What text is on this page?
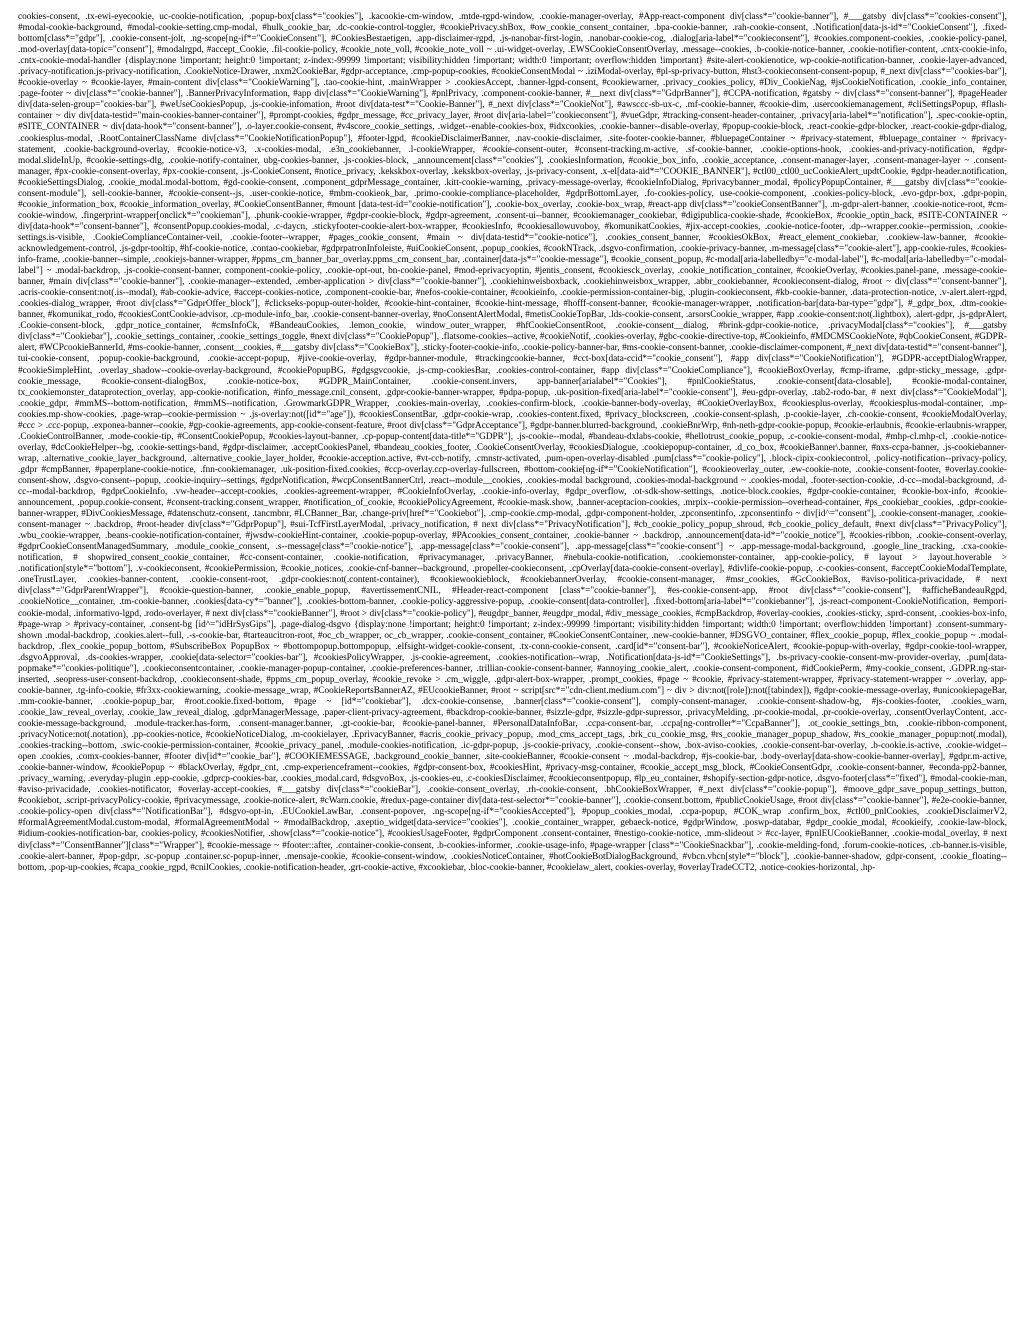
cookies-consent, .tx-ewi-eyecookie, uc-cookie-notification, .popup-box[class*="cookies"], .kacookie-cm-window, .mtde-rgpd-window, .cookie-manager-overlay, #App-react-component div[class*="cookie-banner"], #___gatsby div[class*="cookies-consent"], #modal-cookie-background, #modal-cookie-setting.cmp-modal, #hulk_cookie_bar, .dc-cookie-control-toggler, #cookiePrivacy.shBox, #ow_cookie_consent_container, .bpa-cookie-banner, .rah-cookie-consent, .Notification[data-js-id*="CookieConsent"], .fixed-bottom[class*="gdpr"], .cookie-consent-jolt, .ng-scope[ng-if*="CookieConsent"], #CookiesBestaetigen, .app-disclaimer-rgpd, .js-nanobar-first-login, .nanobar-cookie-cog, .dialog[aria-label*="cookieconsent"], #cookies.component-cookies, .cookie-policy-panel, .mod-overlay[data-topic="consent"], #modalrgpd, #accept_Cookie, .fil-cookie-policy, #cookie_note_voll, #cookie_note_voll ~ .ui-widget-overlay, .EWSCookieConsentOverlay, .message--cookies, .b-cookie-notice-banner, .cookie-notifier-content, .cntx-cookie-info, .cntx-cookie-modal-handler {display:none !important; height:0 !important; z-index:-99999 !important; visibility:hidden !important; width:0 !important; overflow:hidden !important} #site-alert-cookienotice, wp-cookie-notification-banner, .cookie-layer-advanced, .privacy-notification.js-privacy-notification, .CookieNotice-Drawer, .nxm2CookieBar, #gdpr-acceptance, .cmp-popup-cookies, #cookieConsentModal ~ .iziModal-overlay, #pl-sp-privacy-button, #hst3-cookieconsent-consent-popup, #_next div[class*="cookies-bar"], #cookie-overlay ~ #cookie-layer, #main-content div[class*="CookieWarning"], .tao-cookie-hint, .mainWrapper > .cookiesAccept, .banner-lgpd-consent, #cookiewarner, .privacy_cookies_policy, #Div_CookieNag, #jsCookieNotification, .cookie_info_container, .page-footer ~ div[class*="cookie-banner"], .BannerPrivacyInformation, #app div[class*="CookieWarning"], #pnlPrivacy, .component-cookie-banner, #__next div[class*="GdprBanner"], #CCPA-notification, #gatsby ~ div[class*="consent-banner"], #pageHeader div[data-selen-group="cookies-bar"], #weUseCookiesPopup, .js-cookie-infomation, #root div[data-test*="Cookie-Banner"], #_next div[class*="CookieNot"], #awsccc-sb-ux-c, .mf-cookie-banner, #cookie-dim, .usercookiemanagement, #cliSettingsPopup, #flash-container ~ div div[data-testid="main-cookies-banner-container"], #prompt-cookies, #gdpr_message, #cc_privacy_layer, #root div[aria-label="cookieconsent"], #vueGdpr, #tracking-consent-header-container, .privacy[aria-label*="notification"], .spec-cookie-optin, #SITE_CONTAINER ~ div[data-hook*="consent-banner"], .o-layer.cookie-consent, #v4score_cookie_settings, .widget--enable-cookies-box, #idxcookies, .cookie-banner--disable-overlay, #popup-cookie-block, .react-cookie-gdpr-blocker, .react-cookie-gdpr-dialog, .cookiesplus-modal, .RootContainerClassName div[class*="CookieNotificationPopup"], #footer-lgpd, #cookieDisclaimerBanner, .nav-cookie-disclaimer, .site-footer-cookie-banner, #bluepageContainer ~ #privacy-statement, #bluepage_container ~ #privacy-statement, .cookie-background-overlay, #cookie-notice-v3, .x-cookies-modal, .e3n_cookiebanner, .l-cookieWrapper, #cookie-consent-outer, #consent-tracking.m-active, .sf-cookie-banner, .cookie-options-hook, .cookies-and-privacy-notification, #gdpr-modal.slideInUp, #cookie-settings-dlg, .cookie-notify-container, ubg-cookies-banner, .js-cookies-block, _announcement[class*="cookies"], .cookiesInformation, #cookie_box_info, .cookie_acceptance, .consent-manager-layer, .consent-manager-layer ~ .consent-manager, #px-cookie-consent-overlay, #px-cookie-consent, .js-CookieConsent, #notice_privacy, .kekskbox-overlay, .kekskbox-overlay, .js-privacy-consent, .x-el[data-aid*="COOKIE_BANNER"], #ctl00_ctl00_ucCookieAlert_updtCookie, #gdpr-header.notification, #cookieSettingsDialog, .cookie_modal.modal-bottom, #gd-cookie-consent, .component_gdprMessage_container, .kitt-cookie-warning, .privacy-message-overlay, #cookieInfoDialog, #privacybanner_modal, #policyPopupContainer, #___gatsby div[class*="cookie-consent-module"], sell-cookie-banner, #cookie-consent--js, .user-cookie-notice, #mbm-cookieok_bar, .primo-cookie-compliance-placeholder, #gdprBottomLayer, .fo-cookies-policy, use-cookie-component, .cookies-policy-block, .evo-gdpr-box, .gdpr-popin, #cookie_information_box, #cookie_information_overlay, #CookieConsentBanner, #mount [data-test-id="cookie-notification"], .cookie-box_overlay, .cookie-box_wrap, #react-app div[class*="cookieConsentBanner"], .m-gdpr-alert-banner, .cookie-notice-root, #cm-cookie-window, .fingerprint-wrapper[onclick*="cookieman"], .phunk-cookie-wrapper, #gdpr-cookie-block, #gdpr-agreement, .consent-ui--banner, #cookiemanager_cookiebar, #digipublica-cookie-shade, #cookieBox, #cookie_optin_back, #SITE-CONTAINER ~ div[data-hook*="consent-banner"], #consentPopup.cookies-modal, .c-daycn, .stickyfooter-cookie-alert-box-wrapper, #cookiesInfo, #cookiesallowuvoboy, #komunikatCookies, #jix-accept-cookies, .cookie-notice-footer, .dp--wrapper.cookie--permission, .cookie-settings.is-visible, .CookieComplianceContainer-veil, .cookie-footer--wrapper, #pages_cookie_consent, #main ~ div[data-testid*="cookie-notice"], .cookies_consent_banner, #cookiesOkBox, #react_element_cookiebar, .cookiew-law-banner, #cookie-acknowledgement-control, .js-gdpr-tooltip, #hf-cookie-notice, .contao-cookiebar, #gdprpatronInfoleiste, #uiCookieConsent, .popup_cookies, #cookNTrack, .dsgvo-confirmation, .cookie-privacy-banner, .m-message[class*="cookie-alert"], app-cookie-rules, #cookies-info-frame, .cookie-banner--simple, .cookiejs-banner-wrapper, #ppms_cm_banner_bar_overlay.ppms_cm_consent_bar, .container[data-js*="cookie-message"], #cookie_consent_popup, #c-modal[aria-labelledby="c-modal-label"], #c-modal[aria-labelledby="c-modal-label"] ~ .modal-backdrop, .js-cookie-consent-banner, component-cookie-policy, .cookie-opt-out, bn-cookie-panel, #mod-eprivacyoptin, #jentis_consent, #cookiesck_overlay, .cookie_notification_container, #cookieOverlay, #cookies.panel-pane, .message-cookie-banner, #main div[class*="cookie-banner"], .cookie-manager--extended, .ember-application > div[class*="cookie-banner"], .cookiehinweisboxback, .cookiehinweisbox_wrapper, .abbr_cookiebanner, #cookieconsent-dialog, #root ~ div[class*="consent-banner"], .acris-cookie-consent:not(.is--modal), #ab-cookie-advice, #accept-cookies-notice, .component-cookie-bar, #nefos-cookie-container, #cookieinfo, .cookie-permission-container-big, .plugin-cookieconsent, #kb-cookie-banner, .data-protection-notice, .v-alert.alert-rgpd, .cookies-dialog_wrapper, #root div[class*="GdprOffer_block"], #clickseks-popup-outer-holder, #cookie-hint-container, #cookie-hint-message, #hofff-consent-banner, #cookie-manager-wrapper, .notification-bar[data-bar-type="gdpr"], #_gdpr_box, .dtm-cookie-banner, #komunikat_rodo, #cookiesContCookie-advisor, .cp-module-info_bar, .cookie-consent-banner-overlay, #noConsentAlertModal, #metisCookieTopBar, .lds-cookie-consent, .arsorsCookie_wrapper, #app .cookie-consent:not(.lightbox), .alert-gdpr, .js-gdprAlert, .Cookie-consent-block, .gdpr_notice_container, #cmsInfoCk, #BandeauCookies, .lemon_cookie, window_outer_wrapper, #hfCookieConsentRoot, .cookie-consent__dialog, #brink-gdpr-cookie-notice, .privacyModal[class*="cookies"], #___gatsby div[class*="Cookiebar"], .cookie_settings_container, .cookie_settings_toggle, #next div[class*="CookiePopup"], .flatsome-cookies--active, #cookieNotif, .cookies-overlay, #gbc-cookie-directive-top, #Cookieinfo, #MDCMSCookieNote, #qbCookieConsent, #GDPR-alert, #WCPcookieBannerId, #ms-cookie-banner, .consent__cookies, #___gatsby div[class*="CookieBox"], .sticky-footer-cookie-info, .cookie-policy-banner-bar, #ms-cookie-consent-banner, .cookie-disclaimer-component, #_next div[data-testid*="consent-banner"], tui-cookie-consent, .popup-cookie-background, .cookie-accept-popup, #jive-cookie-overlay, #gdpr-banner-module, #trackingcookie-banner, #cct-box[data-ccid*="cookie_consent"], #app div[class*="CookieNotification"], #GDPR-acceptDialogWrapper, #cookieSimpleHint, .overlay_shadow--cookie-overlay-background, #cookiePopupBG, #gdgsgvcookie, .js-cmp-cookiesBar, .cookies-control-container, #app div[class*="CookieCompliance"], #cookieBoxOverlay, #cmp-iframe, .gdpr-sticky_message, .gdpr-cookie_message, #cookie-consent-dialogBox, .cookie-notice-box, #GDPR_MainContainer, .cookie-consent.invers, app-banner[arialabel*="Cookies"], #pnlCookieStatus, .cookie-consent[data-closable], #cookie-modal-container, tx_cookiemonster_dataprotection_overlay, app-cookie-notification, #info_message.cnil_consent, .gdpr-cookie-banner-wrapper, #pdpa-popup, .uk-position-fixed[aria-label*="cookie-consent"], #eu-gdpr-overlay, .tab2-rodo-bar, # next div[class*="CookieModal"], .cookie_gdpr, #mmMS--bottom-notification, #mmMS--notification, .GrowmarkGDPR_Wrapper, .cookies-main-overlay, .cookies-confirm-block, .cookie-banner-body-overlay, #CookieOverlayBox, #cookiesplus-overlay, #cookiesplus-modal-container, .mp-cookies.mp-show-cookies, .page-wrap--cookie-permission ~ .js-overlay:not([id*="age"]), #cookiesConsentBar, .gdpr-cookie-wrap, .cookies-content.fixed, #privacy_blockscreen, .cookie-consent-splash, .p-cookie-layer, .ch-cookie-consent, #cookieModalOverlay, #ccc > .ccc-popup, .exponea-banner--cookie, #gp-cookie-agreements, app-cookie-consent-feature, #root div[class*="GdprAcceptance"], #gdpr-banner.blurred-background, .cookieBnrWrp, #nh-neth-gdpr-cookie-popup, #cookie-erlaubnis, #cookie-erlaubnis-wrapper, .CookieControlBanner, .mode-cookie-tip, #ConsentCookiePopup, #cookies-layout-banner, .cp-popup-content[data-title*="GDPR"], .js-cookie--modal, #bandeau-dxlabs-cookie, #hellotrust_cookie_popup, .c-cookie-consent-modal, #mhp-cl.mhp-cl, .cookie-notice-overlay, #dcCookieHelper--bg, .cookie-settings-band, #gdpr-disclaimer, .acceptCookiesPanel, #bandeau_cookies_footer, .CookieConsentOverlay, #cookiesDialogue, .cookiepopup-container, .d_co_box, #cookieBanner\.banner, #nxs-ccpa-banner, .js-cookiebanner-wrap, .alternative_cookie_layer_background, .alternative_cookie_layer_holder, #cookie-acception.active, #vt-ccb-notify, .cmnstr-activated, .pum-open-overlay-disabled .pum[class*="cookie-policy"], .block-cipix-cookiecontrol, .policy-notification--privacy-policy, .gdpr #cmpBanner, #paperplane-cookie-notice, .fnn-cookiemanager, .uk-position-fixed.cookies, #ccp-overlay.ccp-overlay-fullscreen, #bottom-cookie[ng-if*="CookieNotification"], #cookieoverlay_outer, .ew-cookie-note, .cookie-consent-footer, #overlay.cookie-consent-show, .dsgvo-consent--popup, .cookie-inquiry--settings, #gdprNotification, #wcpConsentBannerCtrl, .react--module__cookies, .cookies-modal background, .cookies-modal-background ~ .cookies-modal, .footer-section-cookie, .d-cc--modal-background, .d-cc--modal-backdrop, #gdprCookieInfo, .vw-header--accept-cookies, .cookies-agreement-wrapper, #CookieInfoOverlay, .cookie-info-overlay, #gdpr_overflow, .ot-sdk-show-settings, .notice-block.cookies, #gdpr-cookie-container, #cookie-box-info, #cookie-announcement, .popup.cookie-consent, #consent-tracking.consent_wrapper, #notification_of_cookie, #cookiePolicyAgreement, #cookie-mask.show, .banner-aceptacion-cookies, .mrpix--cookie-permission--overhead-container, #ps_cookiebar_cookies, .gdpr-cookie-banner-wrapper, #DivCookiesMessage, #datenschutz-consent, .tancmbnr, #LCBanner_Bar, .change-priv[href*="Cookiebot"], .cmp-cookie.cmp-modal, .gdpr-component-holder, .zpconsentinfo, .zpconsentinfo ~ div[id^="consent"], .cookie-consent-manager, .cookie-consent-manager ~ .backdrop, #root-header div[class*="GdprPopup"], #sui-TcfFirstLayerModal, .privacy_notification, # next div[class*="PrivacyNotification"], #cb_cookie_policy_popup_shroud, #cb_cookie_policy_default, #next div[class*="PrivacyPolicy"], .wbu_cookie-wrapper, .beans-cookie-notification-container, #jwsdw-cookieHint-container, .cookie-popup-overlay, #PAcookies_consent_container, .cookie-banner ~ .backdrop, .announcement[data-id*="cookie_notice"], #cookies-ribbon, .cookie-consent-overlay, #gdprCookieConsentManagedSummary, .module_cookie_consent, .s--message[class*="cookie-notice"], .app-message[class*="cookie-consent"], .app-message[class*="cookie-consent"] ~ .app-message-modal-background, .google_line_tracking, .cxa-cookie-notification, # shopwired_consent_cookie_container, #cc-consent-container, .cookie-notification, #privacymanager, .privacyBanner, #nebula-cookie-notification, .cookiemonster-container, app-cookie-policy, # layout > .layout.hoverable > .notification[style*="bottom"], .v-cookieconsent, #cookiePermission, #cookie_notices, .cookie-cnf-banner--background, .propeller-cookieconsent, .cpOverlay[data-cookie-consent-overlay], #divlife-cookie-popup, .c-cookies-consent, #acceptCookieModalTemplate, .oneTrustLayer, .cookies-banner-content, .cookie-consent-root, .gdpr-cookies:not(.content-container), #cookiewookieblock, #cookiebannerOverlay, #cookie-consent-manager, #msr_cookies, #GcCookieBox, #aviso-politica-privacidade, # next div[class*="GdprParentWrapper"], #cookie-question-banner, .cookie_enable_popup, #avertissementCNIL, #Header-react-component [class*="cookie-banner"], #es-cookie-consent-app, #root div[class*="cookie-consent"], #afficheBandeauRgpd, .cookieNotice__container, .tm-cookie-banner, .cookies[data-cy*="banner"], .cookies-bottom-banner, .cookie-policy-aggressive-popup, .cookie-consent[data-controller], .fixed-bottom[aria-label*="cookiebanner"], .js-react-component-CookieNotification, #empori-cookie-modal, .informativo-lgpd, .rodo-overlayer, # next div[class*="cookieBanner"], #root > div[class*="cookie-policy"], #eugdpr_banner, #eugdpr_modal, #div_message_cookies, #cmpBackdrop, #overlay-cookies, .cookies-sticky, .sprd-consent, .cookies-box-info, #page-wrap > #privacy-container, .consent-bg [id^="idHrSysGips"], .page-dialog-dsgvo {display:none !important; height:0 !important; z-index:-99999 !important; visibility:hidden !important; width:0 !important; overflow:hidden !important} .consent-summary-shown .modal-backdrop, .cookies.alert--full, .-s-cookie-bar, #tarteaucitron-root, #oc_cb_wrapper, oc_cb_wrapper, .cookie-consent_container, #CookieConsentContainer, .new-cookie-banner, #DSGVO_container, #flex_cookie_popup, #flex_cookie_popup ~ .modal-backdrop, .flex_cookie_popup_bottom, #SubscribeBox PopupBox ~ #bottompopup.bottompopup, .elfsight-widget-cookie-consent, .tx-conn-cookie-consent, .card[id*="consent-bar"], #cookieNoticeAlert, #cookie-popup-with-overlay, #gdpr-cookie-tool-wrapper, .dsgvoApproval, .ds-cookies-wrapper, .cookie[data-selector="cookies-bar"], #cookiesPolicyWrapper, .js-cookie-agreement, .cookies-notification--wrap, .Notification[data-js-id*="CookieSettings"], .bs-privacy-cookie-consent-mw-provider-overlay, .pum[data-popmake*="cookies-politique"], .cookieconsentcontainer, .cookie-manager-popup-container, .cookie-preferences-banner, .trillian-cookie-consent-banner, #annoying_cookie_alert, .cookie-consent-component, #idCookiePerm, #my-cookie_consent, .GDPR.ng-star-inserted, .seopress-user-consent-backdrop, .cookieconsent-shade, #ppms_cm_popup_overlay, #cookie_revoke > .cm_wiggle, .gdpr-alert-box-wrapper, .prompt_cookies, #page ~ #cookie, #privacy-statement-wrapper, #privacy-statement-wrapper ~ .overlay, app-cookie-banner, .tg-info-cookie, #fr3xx-cookiewarning, .cookie-message_wrap, #CookieReportsBannerAZ, #EUcookieBanner, #root ~ script[src*="cdn-client.medium.com"] ~ div > div:not([role]):not([tabindex]), #gdpr-cookie-message-overlay, #unicookiepageBar, .mm-cookie-banner, .cookie-popup_bar, #root.cookie.fixed-bottom, #page ~ [id*="cookiebar"], .dcx-cookie-consense, .banner[class*="cookie-consent"], comply-consent-manager, .cookie-consent-shadow-bg, #js-cookies-footer, .cookies_warn, .cookie_law_reveal_overlay, .cookie_law_reveal_dialog, .gdprManagerMessage, .paper-client-privacy-agreement, #backdrop-cookie-banner, #sizzle-gdpr, #sizzle-gdpr-supressor, .privacyMelding, .pr-cookie-modal, .pr-cookie-overlay, .consentOverlayContent, .acc-cookie-message-background, .module-tracker.has-form, .consent-manager.banner, .gt-cookie-bar, #cookie-panel-banner, #PersonalDataInfoBar, .ccpa-consent-bar, .ccpa[ng-controller*="CcpaBanner"], .ot_cookie_settings_btn, .cookie-ribbon-component, .privacyNotice:not(.notation), .pp-cookies-notice, #cookieNoticeDialog, .m-cookielayer, .EprivacyBanner, #acris_cookie_privacy_popup, .mod_cms_accept_tags, .brk_cu_cookie_msg, #rs_cookie_manager_popup_shadow, #rs_cookie_manager_popup:not(.modal), .cookies-tracking--bottom, .swic-cookie-permission-container, #cookie_privacy_panel, .module-cookies-notification, .ic-gdpr-popup, .js-cookie-privacy, .cookie-consent--show, .box-aviso-cookies, .cookie-consent-bar-overlay, .b-cookie.is-active, .cookie-widget--open .cookies, .comx-cookies-banner, #footer div[id*="cookie_bar"], #COOKIEMESSAGE, .background_cookie_banner, .site-cookieBanner, #cookie-consent ~ .modal-backdrop, #js-cookie-bar, .body-overlay[data-show-cookie-banner-overlay], #gdpr.m-active, .cookie-banner-window, #cookiePopup ~ #blackOverlay, #gdpr_cnt, .cmp-experienceframent--cookies, #gdpr-consent-box, #cookiesHint, #privacy-msg-container, #cookie_accept_msg_block, #CookieConsentGdpr, .cookie-consent-banner, #econda-pp2-banner, .privacy_warning, .everyday-plugin .epp-cookie, .gdprcp-cookies-bar, .cookies_modal.card, #dsgvoBox, .js-cookies-eu, .c-cookiesDisclaimer, #cookieconsentpopup, #lp_eu_container, #shopify-section-gdpr-notice, .dsgvo-footer[class*="fixed"], #modal-cookie-man, #aviso-privacidade, .cookies-notificator, #overlay-accept-cookies, #___gatsby div[class*="cookieBar"], .cookie-consent_overlay, .rh-cookie-consent, .bhCookieBoxWrapper, #_next div[class*="cookie-popup"], #moove_gdpr_save_popup_settings_button, #cookiebot, .script-privacyPolicy-cookie, #privacymessage, .cookie-notice-alert, #cWarn.cookie, #redux-page-container div[data-test-selector*="cookie-banner"], .cookie-consent.bottom, #publicCookieUsage, #root div[class*="cookie-banner"], #e2e-cookie-banner, .cookie-policy-open div[class*="NotificationBar"], #dsgvo-opt-in, .EUCookieLawBar, .consent-popover, .ng-scope[ng-if*="cookiesAccepted"], #popup_cookies_modal, .ccpa-popup, #COK_wrap .confirm_box, #ctl00_pnlCookies, .cookieDisclaimerV2, #formalAgreementModal.custom-modal, #formalAgreementModal ~ #modalBackdrop, .axeptio_widget[data-service="cookies"], .cookie_container_wrapper, gebaeck-notice, #gdprWindow, .poswp-databar, #gdpr_cookie_modal, #cookieify, .cookie-law-block, #idium-cookies-notification-bar, cookies-policy, #cookiesNotifier, .show[class*="cookie-notice"], #cookiesUsageFooter, #gdprComponent .consent-container, #nestigo-cookie-notice, .mm-slideout > #cc-layer, #pnlEUCookieBanner, .cookie-modal_overlay, # next div[class*="ConsentBanner"][class*="Wrapper"], #cookie-message ~ #footer::after, .container-cookie-consent, .b-cookies-informer, .cookie-usage-info, #page-wrapper [class*="CookieSnackbar"], .cookie-melding-fond, .forum-cookie-notices, .cb-banner.is-visible, .cookie-alert-banner, #pop-gdpr, .sc-popup .container.sc-popup-inner, .mensaje-cookie, #cookie-consent-window, .cookiesNoticeContainer, #hotCookieBotDialogBackground, #vbcn.vbcn[style*="block"], .cookie-banner-shadow, gdpr-consent, .cookie_floating--bottom, .pop-up-cookies, #capa_cookie_rgpd, #cnilCookies, .cookie-notification-header, .grt-cookie-active, #xcookiebar, .bloc-cookie-banner, #cookielaw_alert, cookies-overlay, #overlayTradeCCT2, .notice-cookies-horizontal, .hp-
